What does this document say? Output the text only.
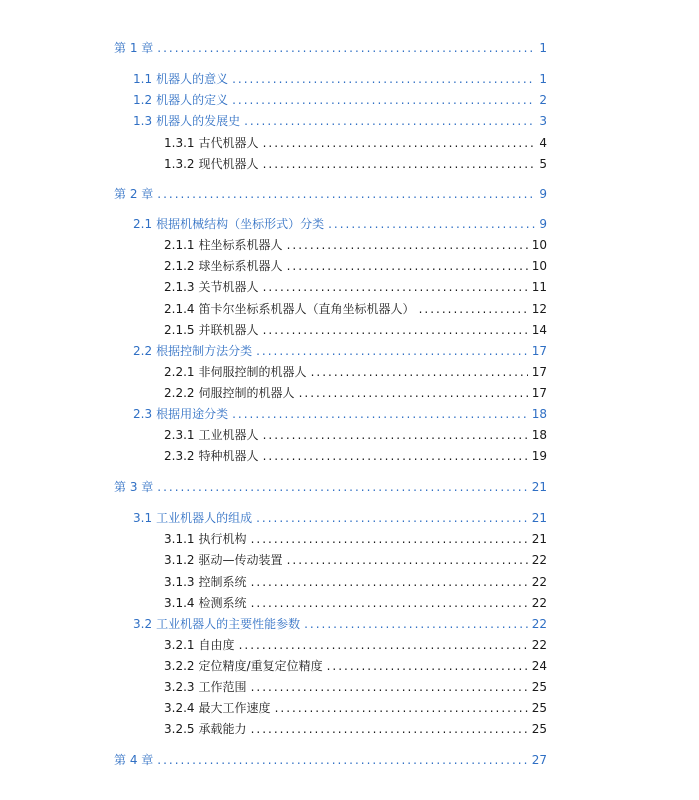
第 1 章 .....	1
1.1 机器人的意义 .....	1
1.2 机器人的定义 .....	2
1.3 机器人的发展史 .....	3
1.3.1 古代机器人 .....	4
1.3.2 现代机器人 .....	5
第 2 章 .....	9
2.1 根据机械结构（坐标形式）分类 .....	9
2.1.1 柱坐标系机器人 .....	10
2.1.2 球坐标系机器人 .....	10
2.1.3 关节机器人 .....	11
2.1.4 笛卡尔坐标系机器人（直角坐标机器人） .....	12
2.1.5 并联机器人 .....	14
2.2 根据控制方法分类 .....	17
2.2.1 非伺服控制的机器人 .....	17
2.2.2 伺服控制的机器人 .....	17
2.3 根据用途分类 .....	18
2.3.1 工业机器人 .....	18
2.3.2 特种机器人 .....	19
第 3 章 .....	21
3.1 工业机器人的组成 .....	21
3.1.1 执行机构 .....	21
3.1.2 驱动—传动装置 .....	22
3.1.3 控制系统 .....	22
3.1.4 检测系统 .....	22
3.2 工业机器人的主要性能参数 .....	22
3.2.1 自由度 .....	22
3.2.2 定位精度/重复定位精度 .....	24
3.2.3 工作范围 .....	25
3.2.4 最大工作速度 .....	25
3.2.5 承载能力 .....	25
第 4 章 .....	27
